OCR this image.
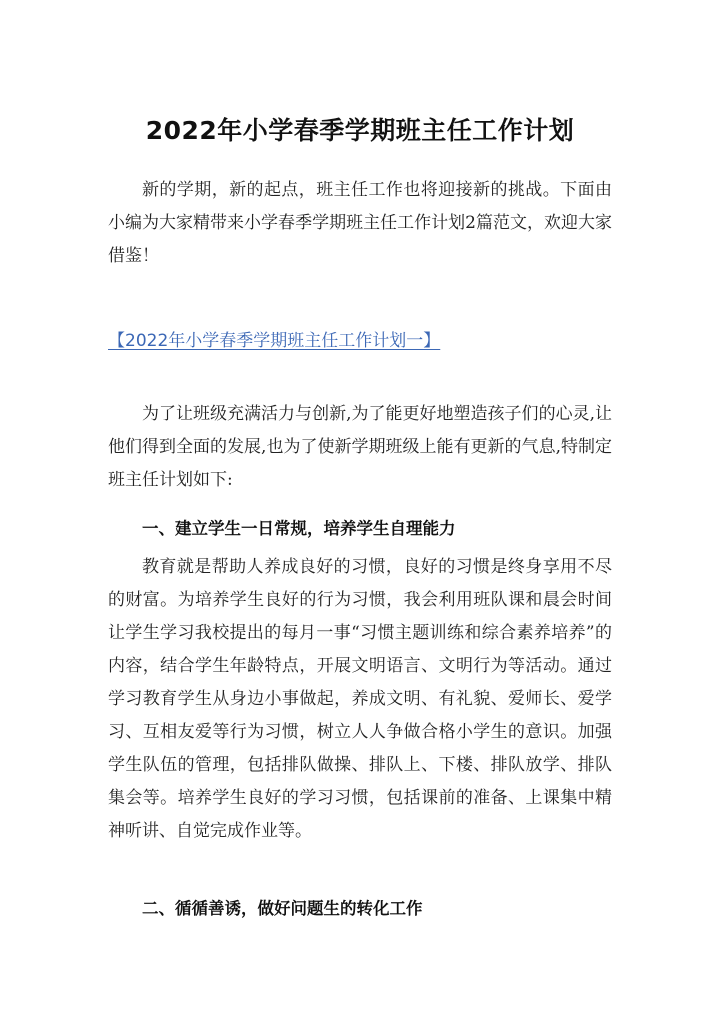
2022年小学春季学期班主任工作计划

新的学期，新的起点，班主任工作也将迎接新的挑战。下面由小编为大家精带来小学春季学期班主任工作计划2篇范文，欢迎大家借鉴！

【2022年小学春季学期班主任工作计划一】

为了让班级充满活力与创新,为了能更好地塑造孩子们的心灵,让他们得到全面的发展,也为了使新学期班级上能有更新的气息,特制定班主任计划如下:

一、建立学生一日常规，培养学生自理能力

教育就是帮助人养成良好的习惯，良好的习惯是终身享用不尽的财富。为培养学生良好的行为习惯，我会利用班队课和晨会时间让学生学习我校提出的每月一事“习惯主题训练和综合素养培养”的内容，结合学生年龄特点，开展文明语言、文明行为等活动。通过学习教育学生从身边小事做起，养成文明、有礼貌、爱师长、爱学习、互相友爱等行为习惯，树立人人争做合格小学生的意识。加强学生队伍的管理，包括排队做操、排队上、下楼、排队放学、排队集会等。培养学生良好的学习习惯，包括课前的准备、上课集中精神听讲、自觉完成作业等。

二、循循善诱，做好问题生的转化工作
